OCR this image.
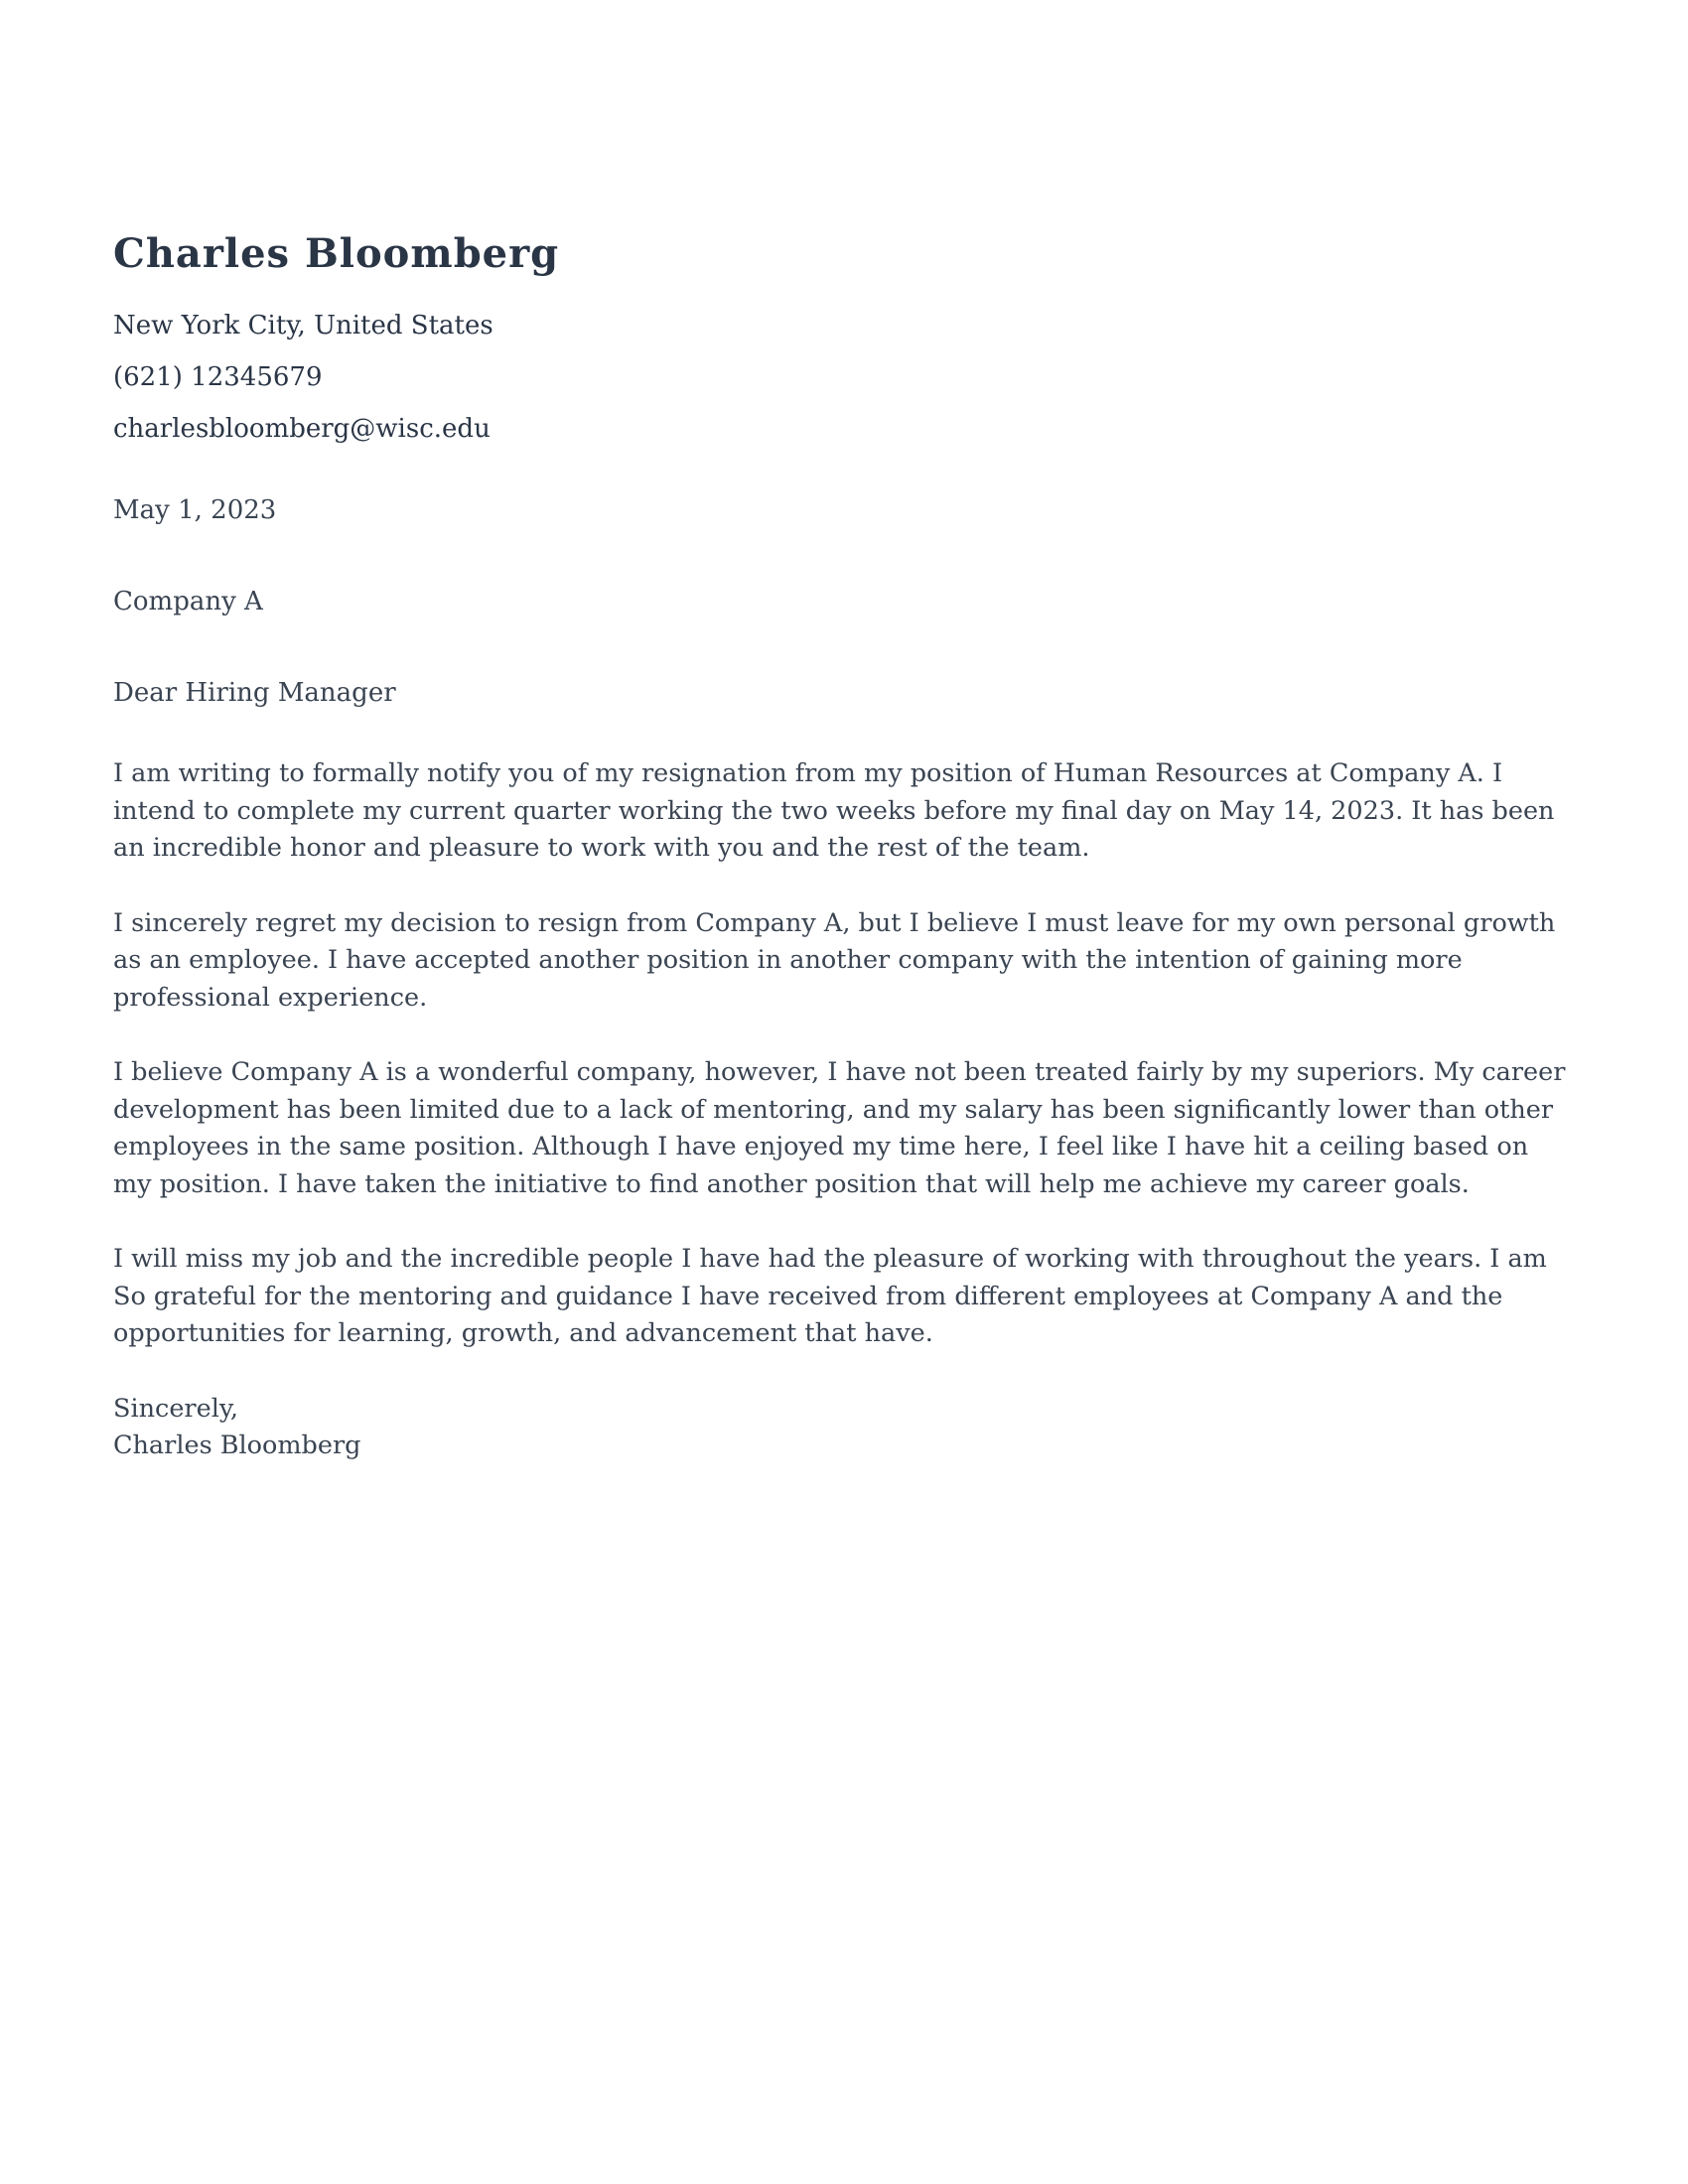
Charles Bloomberg
New York City, United States
(621) 12345679
charlesbloomberg@wisc.edu
May 1, 2023
Company A
Dear Hiring Manager

I am writing to formally notify you of my resignation from my position of Human Resources at Company A. I intend to complete my current quarter working the two weeks before my final day on May 14, 2023. It has been an incredible honor and pleasure to work with you and the rest of the team.

I sincerely regret my decision to resign from Company A, but I believe I must leave for my own personal growth as an employee. I have accepted another position in another company with the intention of gaining more professional experience.

I believe Company A is a wonderful company, however, I have not been treated fairly by my superiors. My career development has been limited due to a lack of mentoring, and my salary has been significantly lower than other employees in the same position. Although I have enjoyed my time here, I feel like I have hit a ceiling based on my position. I have taken the initiative to find another position that will help me achieve my career goals.

I will miss my job and the incredible people I have had the pleasure of working with throughout the years. I am So grateful for the mentoring and guidance I have received from different employees at Company A and the opportunities for learning, growth, and advancement that have.

Sincerely,
Charles Bloomberg
